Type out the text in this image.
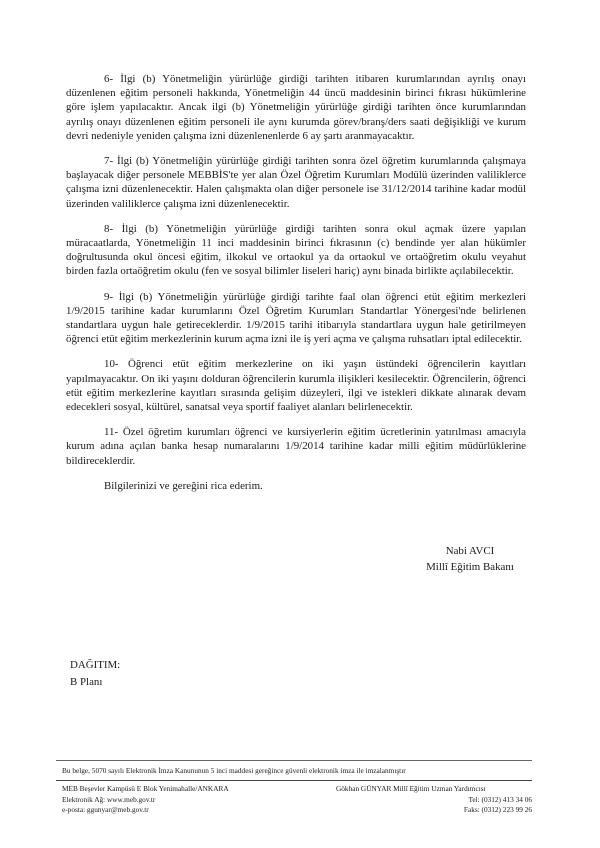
6- İlgi (b) Yönetmeliğin yürürlüğe girdiği tarihten itibaren kurumlarından ayrılış onayı düzenlenen eğitim personeli hakkında, Yönetmeliğin 44 üncü maddesinin birinci fıkrası hükümlerine göre işlem yapılacaktır. Ancak ilgi (b) Yönetmeliğin yürürlüğe girdiği tarihten önce kurumlarından ayrılış onayı düzenlenen eğitim personeli ile aynı kurumda görev/branş/ders saati değişikliği ve kurum devri nedeniyle yeniden çalışma izni düzenlenenlerde 6 ay şartı aranmayacaktır.

7- İlgi (b) Yönetmeliğin yürürlüğe girdiği tarihten sonra özel öğretim kurumlarında çalışmaya başlayacak diğer personele MEBBİS'te yer alan Özel Öğretim Kurumları Modülü üzerinden valiliklerce çalışma izni düzenlenecektir. Halen çalışmakta olan diğer personele ise 31/12/2014 tarihine kadar modül üzerinden valiliklerce çalışma izni düzenlenecektir.

8- İlgi (b) Yönetmeliğin yürürlüğe girdiği tarihten sonra okul açmak üzere yapılan müracaatlarda, Yönetmeliğin 11 inci maddesinin birinci fıkrasının (c) bendinde yer alan hükümler doğrultusunda okul öncesi eğitim, ilkokul ve ortaokul ya da ortaokul ve ortaöğretim okulu veyahut birden fazla ortaöğretim okulu (fen ve sosyal bilimler liseleri hariç) aynı binada birlikte açılabilecektir.

9- İlgi (b) Yönetmeliğin yürürlüğe girdiği tarihte faal olan öğrenci etüt eğitim merkezleri 1/9/2015 tarihine kadar kurumlarını Özel Öğretim Kurumları Standartlar Yönergesi'nde belirlenen standartlara uygun hale getireceklerdir. 1/9/2015 tarihi itibarıyla standartlara uygun hale getirilmeyen öğrenci etüt eğitim merkezlerinin kurum açma izni ile iş yeri açma ve çalışma ruhsatları iptal edilecektir.

10- Öğrenci etüt eğitim merkezlerine on iki yaşın üstündeki öğrencilerin kayıtları yapılmayacaktır. On iki yaşını dolduran öğrencilerin kurumla ilişikleri kesilecektir. Öğrencilerin, öğrenci etüt eğitim merkezlerine kayıtları sırasında gelişim düzeyleri, ilgi ve istekleri dikkate alınarak devam edecekleri sosyal, kültürel, sanatsal veya sportif faaliyet alanları belirlenecektir.

11- Özel öğretim kurumları öğrenci ve kursiyerlerin eğitim ücretlerinin yatırılması amacıyla kurum adına açılan banka hesap numaralarını 1/9/2014 tarihine kadar milli eğitim müdürlüklerine bildireceklerdir.

Bilgilerinizi ve gereğini rica ederim.

Nabi AVCI
Millî Eğitim Bakanı
DAĞITIM:
B Planı
Bu belge, 5070 sayılı Elektronik İmza Kanununun 5 inci maddesi gereğince güvenli elektronik imza ile imzalanmıştır
MEB Beşevler Kampüsü E Blok Yenimahalle/ANKARA
Elektronik Ağ: www.meb.gov.tr
e-posta: ggunyar@meb.gov.tr
Gökhan GÜNYAR Millî Eğitim Uzman Yardımcısı
Tel: (0312) 413 34 06
Faks: (0312) 223 99 26
